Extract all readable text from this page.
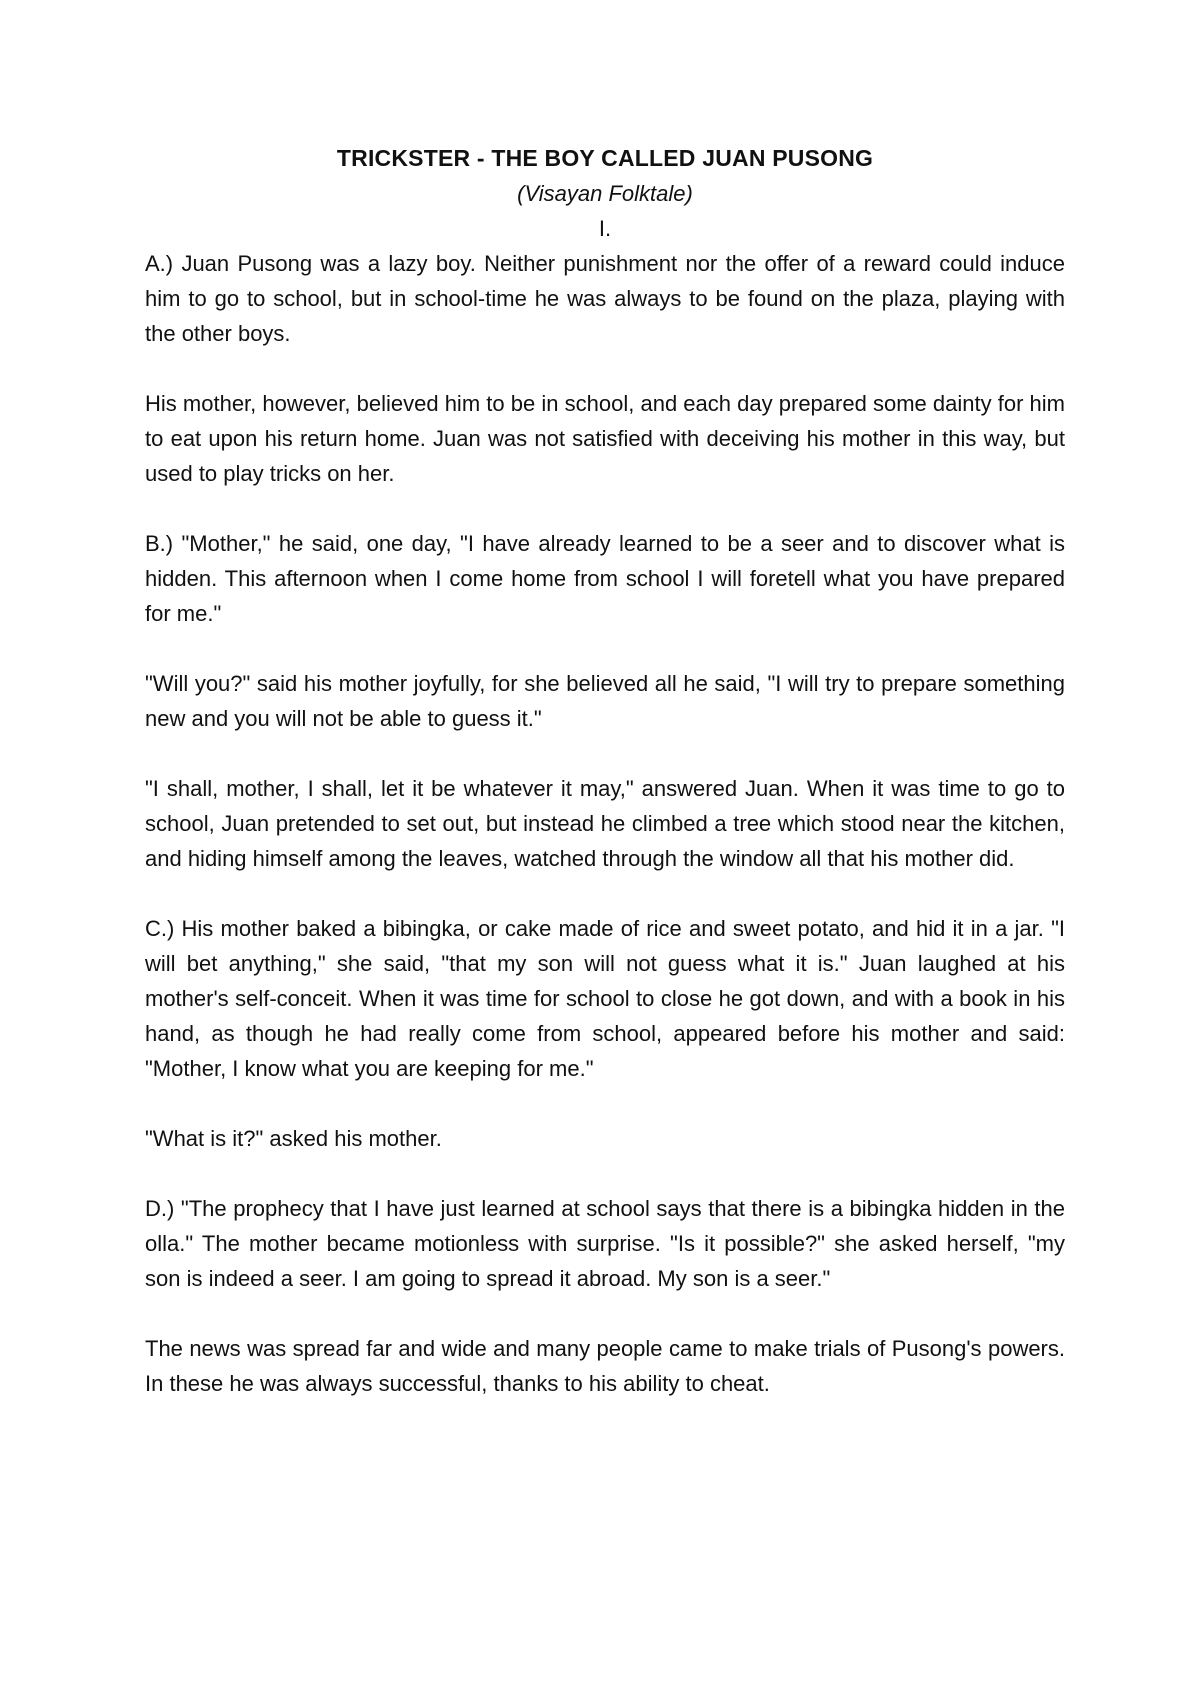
TRICKSTER - THE BOY CALLED JUAN PUSONG

(Visayan Folktale)

I.

A.) Juan Pusong was a lazy boy. Neither punishment nor the offer of a reward could induce him to go to school, but in school-time he was always to be found on the plaza, playing with the other boys.

His mother, however, believed him to be in school, and each day prepared some dainty for him to eat upon his return home. Juan was not satisfied with deceiving his mother in this way, but used to play tricks on her.

B.) "Mother," he said, one day, "I have already learned to be a seer and to discover what is hidden. This afternoon when I come home from school I will foretell what you have prepared for me."

"Will you?" said his mother joyfully, for she believed all he said, "I will try to prepare something new and you will not be able to guess it."

"I shall, mother, I shall, let it be whatever it may," answered Juan. When it was time to go to school, Juan pretended to set out, but instead he climbed a tree which stood near the kitchen, and hiding himself among the leaves, watched through the window all that his mother did.

C.) His mother baked a bibingka, or cake made of rice and sweet potato, and hid it in a jar. "I will bet anything," she said, "that my son will not guess what it is." Juan laughed at his mother's self-conceit. When it was time for school to close he got down, and with a book in his hand, as though he had really come from school, appeared before his mother and said: "Mother, I know what you are keeping for me."

"What is it?" asked his mother.

D.) "The prophecy that I have just learned at school says that there is a bibingka hidden in the olla." The mother became motionless with surprise. "Is it possible?" she asked herself, "my son is indeed a seer. I am going to spread it abroad. My son is a seer."

The news was spread far and wide and many people came to make trials of Pusong's powers. In these he was always successful, thanks to his ability to cheat.
